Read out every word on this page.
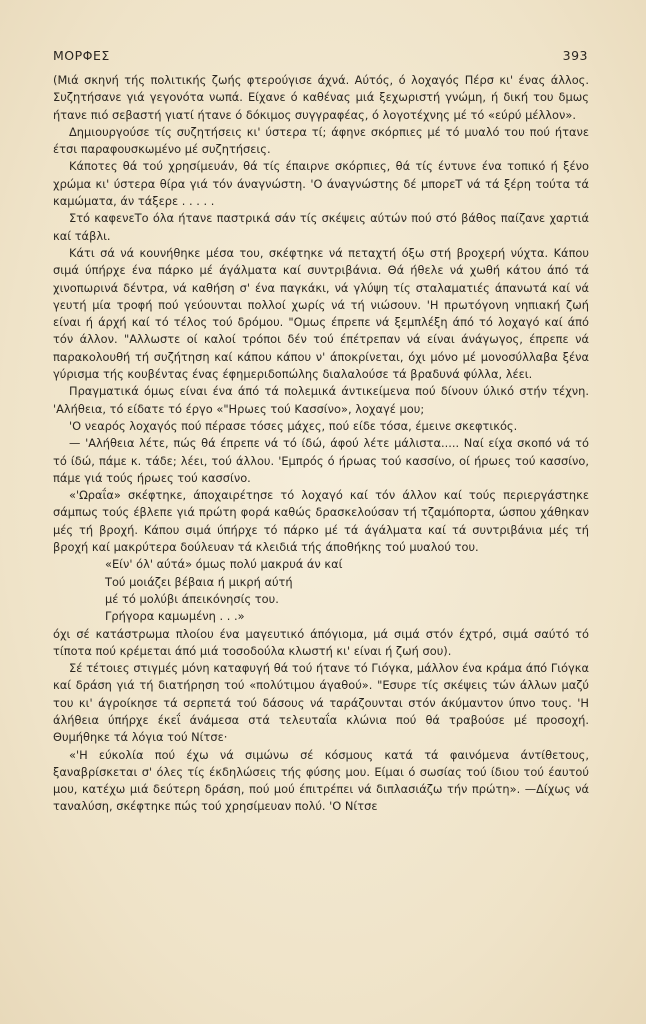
ΜΟΡΦΕΣ	393

(Μιά σκηνή τής πολιτικής ζωής φτερούγισε άχνά. Αύτός, ό λοχαγός Πέρσ κι' ένας άλλος. Συζητήσανε γιά γεγονότα νωπά. Είχανε ό καθένας μιά ξεχωριστή γνώμη, ή δική του δμως ήτανε πιό σεβαστή γιατί ήτανε ό δόκιμος συγγραφέας, ό λογοτέχνης μέ τό «εύρύ μέλλον».

Δημιουργούσε τίς συζητήσεις κι' ύστερα τί; άφηνε σκόρπιες μέ τό μυαλό του πού ήτανε έτσι παραφουσκωμένο μέ συζητήσεις.

Κάποτες θά τού χρησίμευάν, θά τίς έπαιρνε σκόρπιες, θά τίς έντυνε ένα τοπικό ή ξένο χρώμα κι' ύστερα θίρα γιά τόν άναγνώστη. 'Ο άναγνώστης δέ μπορεΤ νά τά ξέρη τούτα τά καμώματα, άν τάξερε . . . . .

Στό καφενεΤο όλα ήτανε παστρικά σάν τίς σκέψεις αύτών πού στό βάθος παίζανε χαρτιά καί τάβλι.

Κάτι σά νά κουνήθηκε μέσα του, σκέφτηκε νά πεταχτή όξω στή βροχερή νύχτα. Κάπου σιμά ύπήρχε ένα πάρκο μέ άγάλματα καί συντριβάνια. Θά ήθελε νά χωθή κάτου άπό τά χινοπωρινά δέντρα, νά καθήση σ' ένα παγκάκι, νά γλύψη τίς σταλαματιές άπανωτά καί νά γευτή μία τροφή πού γεύουνται πολλοί χωρίς νά τή νιώσουν. 'Η πρωτόγονη νηπιακή ζωή είναι ή άρχή καί τό τέλος τού δρόμου. "Ομως έπρεπε νά ξεμπλέξη άπό τό λοχαγό καί άπό τόν άλλον. "Αλλωστε οί καλοί τρόποι δέν τού έπέτρεπαν νά είναι άνάγωγος, έπρεπε νά παρακολουθή τή συζήτηση καί κάπου κάπου ν' άποκρίνεται, όχι μόνο μέ μονοσύλλαβα ξένα γύρισμα τής κουβέντας ένας έφημεριδοπώλης διαλαλούσε τά βραδυνά φύλλα, λέει.

Πραγματικά όμως είναι ένα άπό τά πολεμικά άντικείμενα πού δίνουν ύλικό στήν τέχνη. 'Αλήθεια, τό είδατε τό έργο «"Ηρωες τού Κασσίνο», λοχαγέ μου;

'Ο νεαρός λοχαγός πού πέρασε τόσες μάχες, πού είδε τόσα, έμεινε σκεφτικός.

— 'Αλήθεια λέτε, πώς θά έπρεπε νά τό ίδώ, άφού λέτε μάλιστα..... Ναί είχα σκοπό νά τό τό ίδώ, πάμε κ. τάδε; λέει, τού άλλου. 'Εμπρός ό ήρωας τού κασσίνο, οί ήρωες τού κασσίνο, πάμε γιά τούς ήρωες τού κασσίνο.

«'Ωραΐα» σκέφτηκε, άποχαιρέτησε τό λοχαγό καί τόν άλλον καί τούς περιεργάστηκε σάμπως τούς έβλεπε γιά πρώτη φορά καθώς δρασκελούσαν τή τζαμόπορτα, ώσπου χάθηκαν μές τή βροχή. Κάπου σιμά ύπήρχε τό πάρκο μέ τά άγάλματα καί τά συντριβάνια μές τή βροχή καί μακρύτερα δούλευαν τά κλειδιά τής άποθήκης τού μυαλού του.

«Είν' όλ' αύτά» όμως πολύ μακρυά άν καί
Τού μοιάζει βέβαια ή μικρή αύτή
μέ τό μολύβι άπεικόνησίς του.
Γρήγορα καμωμένη . . .»

όχι σέ κατάστρωμα πλοίου ένα μαγευτικό άπόγιομα, μά σιμά στόν έχτρό, σιμά σαύτό τό τίποτα πού κρέμεται άπό μιά τοσοδούλα κλωστή κι' είναι ή ζωή σου).

Σέ τέτοιες στιγμές μόνη καταφυγή θά τού ήτανε τό Γιόγκα, μάλλον ένα κράμα άπό Γιόγκα καί δράση γιά τή διατήρηση τού «πολύτιμου άγαθού». "Εσυρε τίς σκέψεις τών άλλων μαζύ του κι' άγροίκησε τά σερπετά τού δάσους νά ταράζουνται στόν άκύμαντον ύπνο τους. 'Η άλήθεια ύπήρχε έκεΐ άνάμεσα στά τελευταΐα κλώνια πού θά τραβούσε μέ προσοχή. Θυμήθηκε τά λόγια τού Νίτσε·

«'Η εύκολία πού έχω νά σιμώνω σέ κόσμους κατά τά φαινόμενα άντίθετους, ξαναβρίσκεται σ' όλες τίς έκδηλώσεις τής φύσης μου. Είμαι ό σωσίας τού ίδιου τού έαυτού μου, κατέχω μιά δεύτερη δράση, πού μού έπιτρέπει νά διπλασιάζω τήν πρώτη». —Δίχως νά ταναλύση, σκέφτηκε πώς τού χρησίμευαν πολύ. 'Ο Νίτσε
